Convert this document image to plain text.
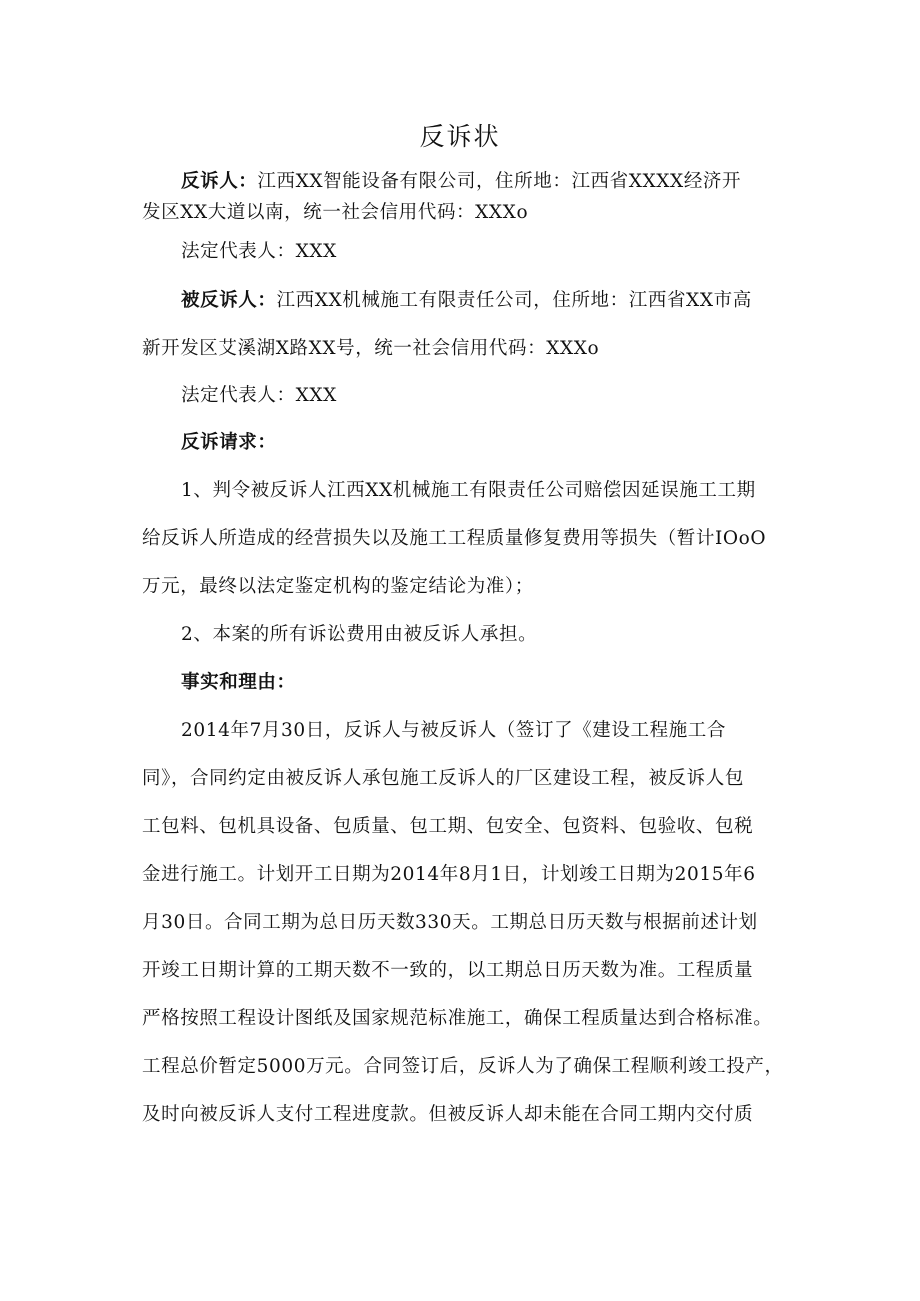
反诉状
反诉人：江西XX智能设备有限公司，住所地：江西省XXXX经济开
发区XX大道以南，统一社会信用代码：XXXo
法定代表人：XXX
被反诉人：江西XX机械施工有限责任公司，住所地：江西省XX市高
新开发区艾溪湖X路XX号，统一社会信用代码：XXXo
法定代表人：XXX
反诉请求：
1、判令被反诉人江西XX机械施工有限责任公司赔偿因延误施工工期
给反诉人所造成的经营损失以及施工工程质量修复费用等损失（暂计IOoO
万元，最终以法定鉴定机构的鉴定结论为准）；
2、本案的所有诉讼费用由被反诉人承担。
事实和理由：
2014年7月30日，反诉人与被反诉人（签订了《建设工程施工合
同》，合同约定由被反诉人承包施工反诉人的厂区建设工程，被反诉人包
工包料、包机具设备、包质量、包工期、包安全、包资料、包验收、包税
金进行施工。计划开工日期为2014年8月1日，计划竣工日期为2015年6
月30日。合同工期为总日历天数330天。工期总日历天数与根据前述计划
开竣工日期计算的工期天数不一致的，以工期总日历天数为准。工程质量
严格按照工程设计图纸及国家规范标准施工，确保工程质量达到合格标准。
工程总价暂定5000万元。合同签订后，反诉人为了确保工程顺利竣工投产，
及时向被反诉人支付工程进度款。但被反诉人却未能在合同工期内交付质
